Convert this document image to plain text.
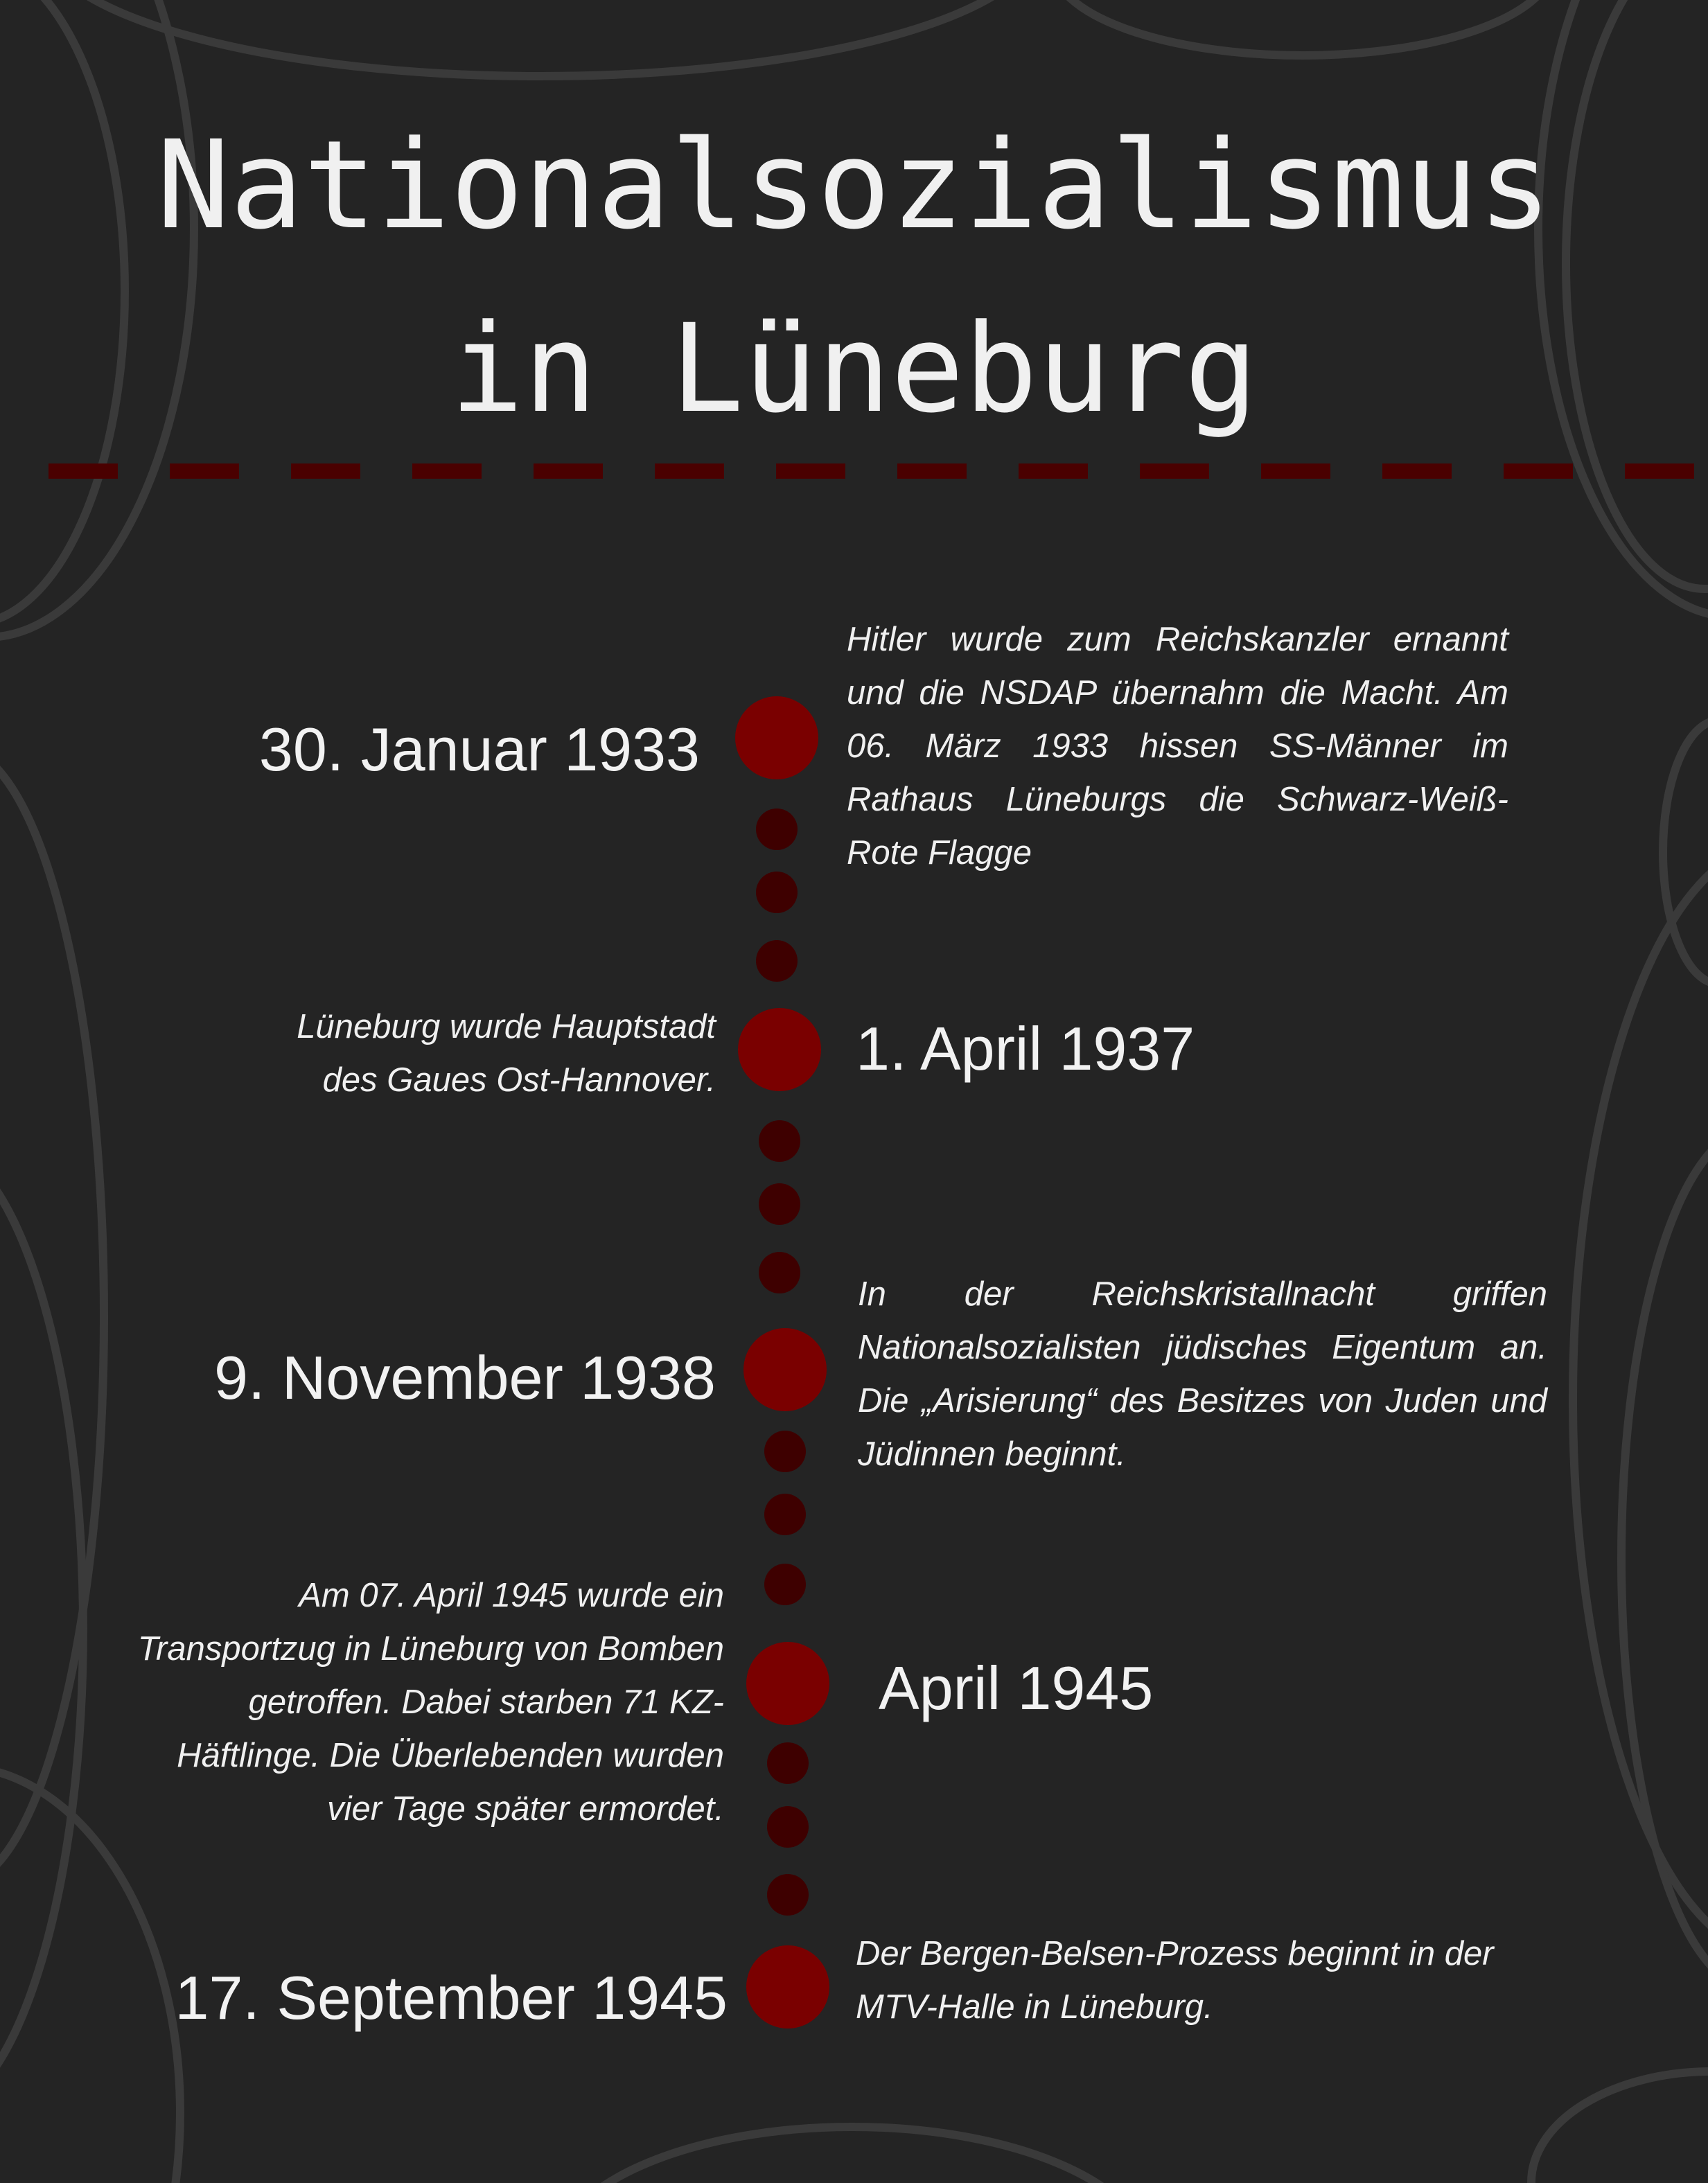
Nationalsozialismus
in Lüneburg
30. Januar 1933
Hitler wurde zum Reichskanzler ernannt und die NSDAP übernahm die Macht. Am 06. März 1933 hissen SS-Männer im Rathaus Lüneburgs die Schwarz-Weiß-Rote Flagge
Lüneburg wurde Hauptstadt des Gaues Ost-Hannover. 1. April 1937
9. November 1938
In der Reichskristallnacht griffen Nationalsozialisten jüdisches Eigentum an. Die „Arisierung“ des Besitzes von Juden und Jüdinnen beginnt.
Am 07. April 1945 wurde ein Transportzug in Lüneburg von Bomben getroffen. Dabei starben 71 KZ-Häftlinge. Die Überlebenden wurden vier Tage später ermordet.
April 1945
17. September 1945
Der Bergen-Belsen-Prozess beginnt in der MTV-Halle in Lüneburg.
